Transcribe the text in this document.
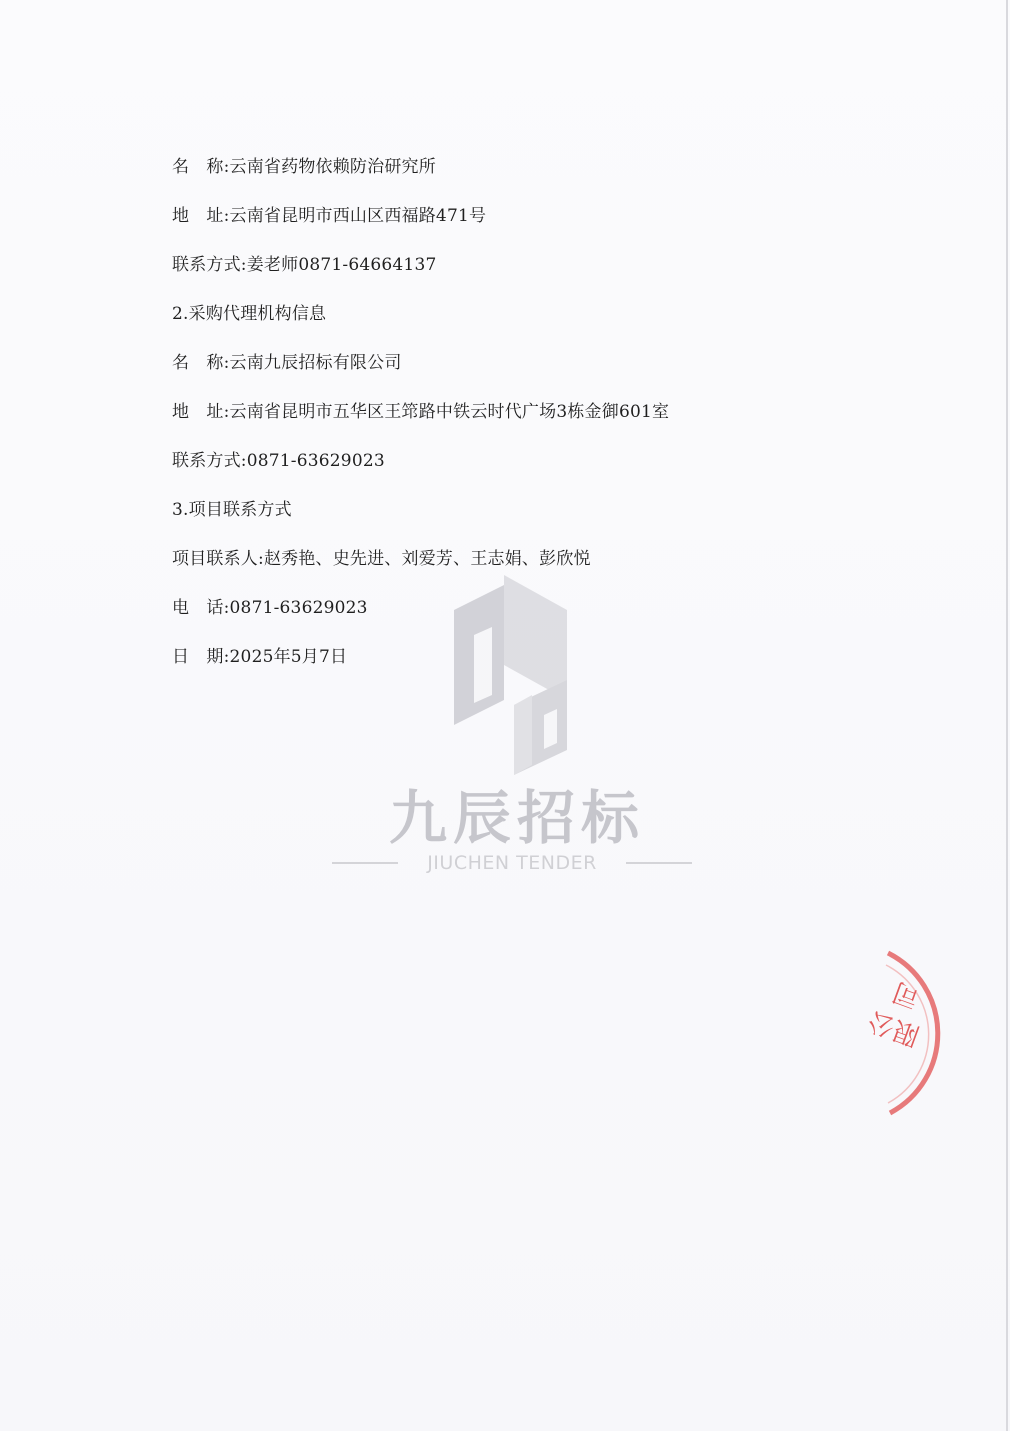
名　称:云南省药物依赖防治研究所
地　址:云南省昆明市西山区西福路471号
联系方式:姜老师0871-64664137
2.采购代理机构信息
名　称:云南九辰招标有限公司
地　址:云南省昆明市五华区王筇路中铁云时代广场3栋金御601室
联系方式:0871-63629023
3.项目联系方式
项目联系人:赵秀艳、史先进、刘爱芳、王志娟、彭欣悦
电　话:0871-63629023
日　期:2025年5月7日
九辰招标
JIUCHEN TENDER
限公司
